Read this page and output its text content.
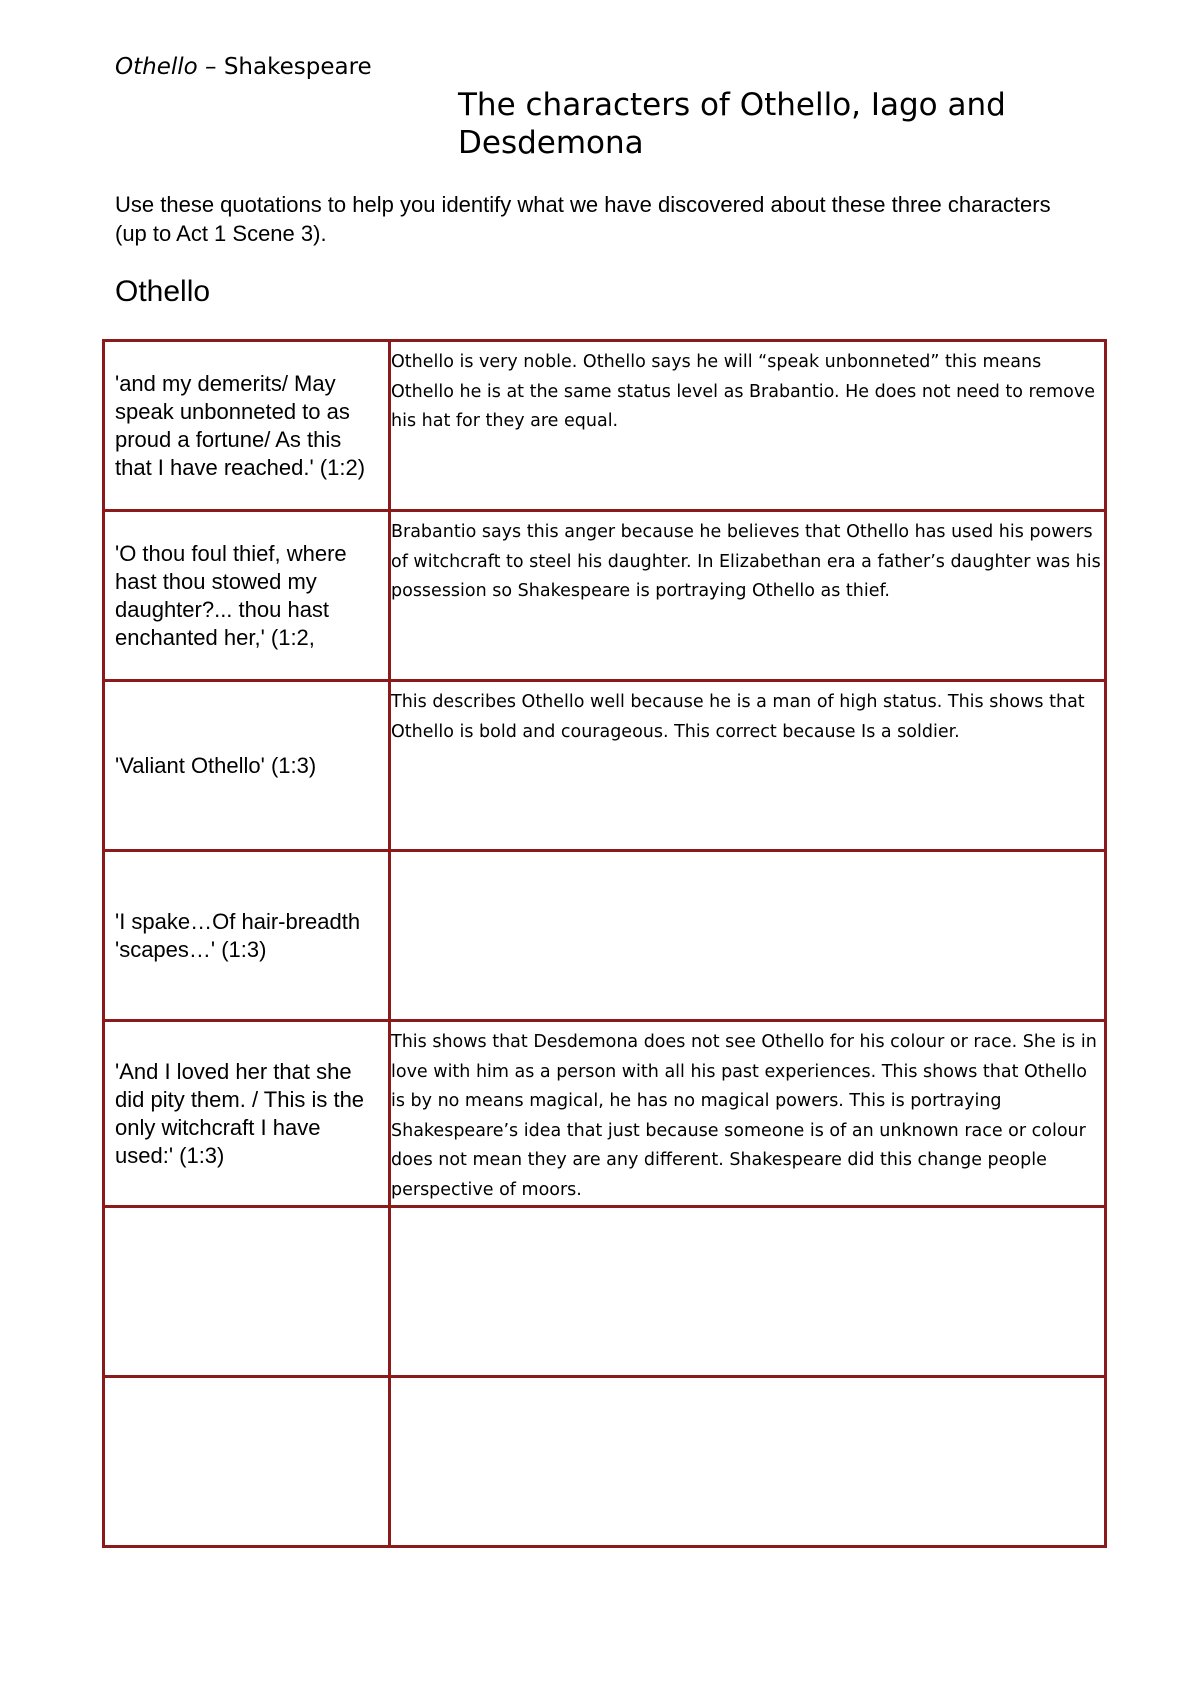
Othello – Shakespeare
The characters of Othello, Iago and Desdemona
Use these quotations to help you identify what we have discovered about these three characters (up to Act 1 Scene 3).
Othello
'and my demerits/ May speak unbonneted to as proud a fortune/ As this that I have reached.' (1:2)	Othello is very noble. Othello says he will “speak unbonneted” this means Othello he is at the same status level as Brabantio. He does not need to remove his hat for they are equal.
'O thou foul thief, where hast thou stowed my daughter?... thou hast enchanted her,' (1:2,	Brabantio says this anger because he believes that Othello has used his powers of witchcraft to steel his daughter. In Elizabethan era a father’s daughter was his possession so Shakespeare is portraying Othello as thief.
'Valiant Othello' (1:3)	This describes Othello well because he is a man of high status. This shows that Othello is bold and courageous. This correct because Is a soldier.
'I spake…Of hair-breadth 'scapes…' (1:3)	
'And I loved her that she did pity them. / This is the only witchcraft I have used:' (1:3)	This shows that Desdemona does not see Othello for his colour or race. She is in love with him as a person with all his past experiences. This shows that Othello is by no means magical, he has no magical powers. This is portraying Shakespeare’s idea that just because someone is of an unknown race or colour does not mean they are any different. Shakespeare did this change people perspective of moors.
